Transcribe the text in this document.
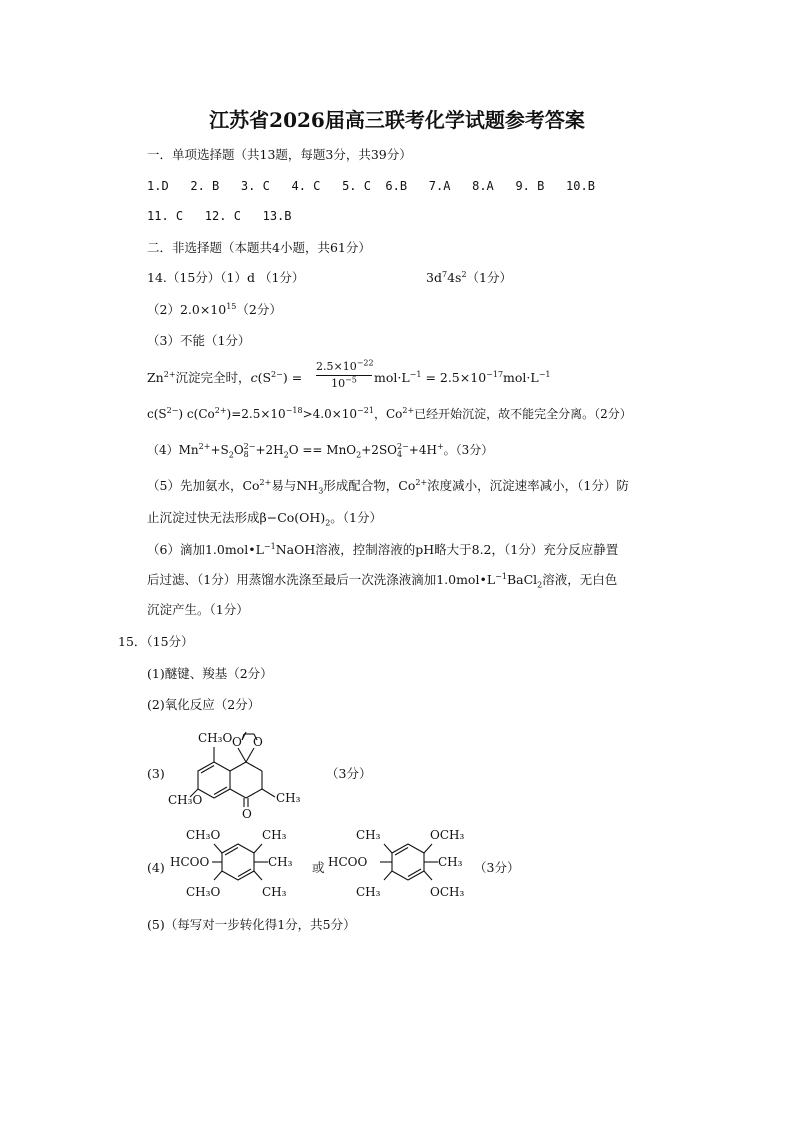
江苏省2026届高三联考化学试题参考答案
一．单项选择题（共13题，每题3分，共39分）
1.D   2. B   3. C   4. C   5. C  6.B   7.A   8.A   9. B   10.B
11. C   12. C   13.B
二．非选择题（本题共4小题，共61分）
14.（15分）（1）d （1分）	$3d^74s^2(1$分）
$(2)2.0\times 10^{15}(2$分）
（3）不能（1分）
$Zn^{2+}$沉淀完全时，$c(S^{2-}) = \frac{2.5\times 10^{-22}}{10^{-5}} mol\cdot L^{-1} = 2.5\times 10^{-17}mol\cdot L^{-1}$
$c(S^{2-})$ $c(Co^{2+})=2.5\times 10^{-18}>4.0\times 10^{-21}$，$Co^{2+}$已经开始沉淀，故不能完全分离。（2分）
$(4)Mn^{2+}+S_2O$ 2−
$8 +2H_2O == MnO_2+2SO$ 2−
4 +4H+。（3分）
（5）先加氨水，$Co^{2+}$易与$NH_3$形成配合物，$Co^{2+}$浓度减小，沉淀速率减小，（1分）防
止沉淀过快无法形成$\beta-Co(OH)_2$。（1分）
（6）滴加$1.0mol•L^{-1}NaOH$溶液，控制溶液的pH略大于8.2，（1分）充分反应静置
后过滤、（1分）用蒸馏水洗涤至最后一次洗涤液滴加$1.0mol•L^{-1}BaCl_2$溶液，无白色
沉淀产生。（1分）
15．（15分）
(1)醚键、羧基（2分）
(2)氧化反应（2分）
(3)	（3分）
CH₃O
CH₃O	CH₃
O O
O
(4)
CH₃O	CH₃
HCOO	CH₃
CH₃O	CH₃
或
CH₃	OCH₃
HCOO	CH₃
CH₃	OCH₃
（3分）
(5)（每写对一步转化得1分，共5分）
